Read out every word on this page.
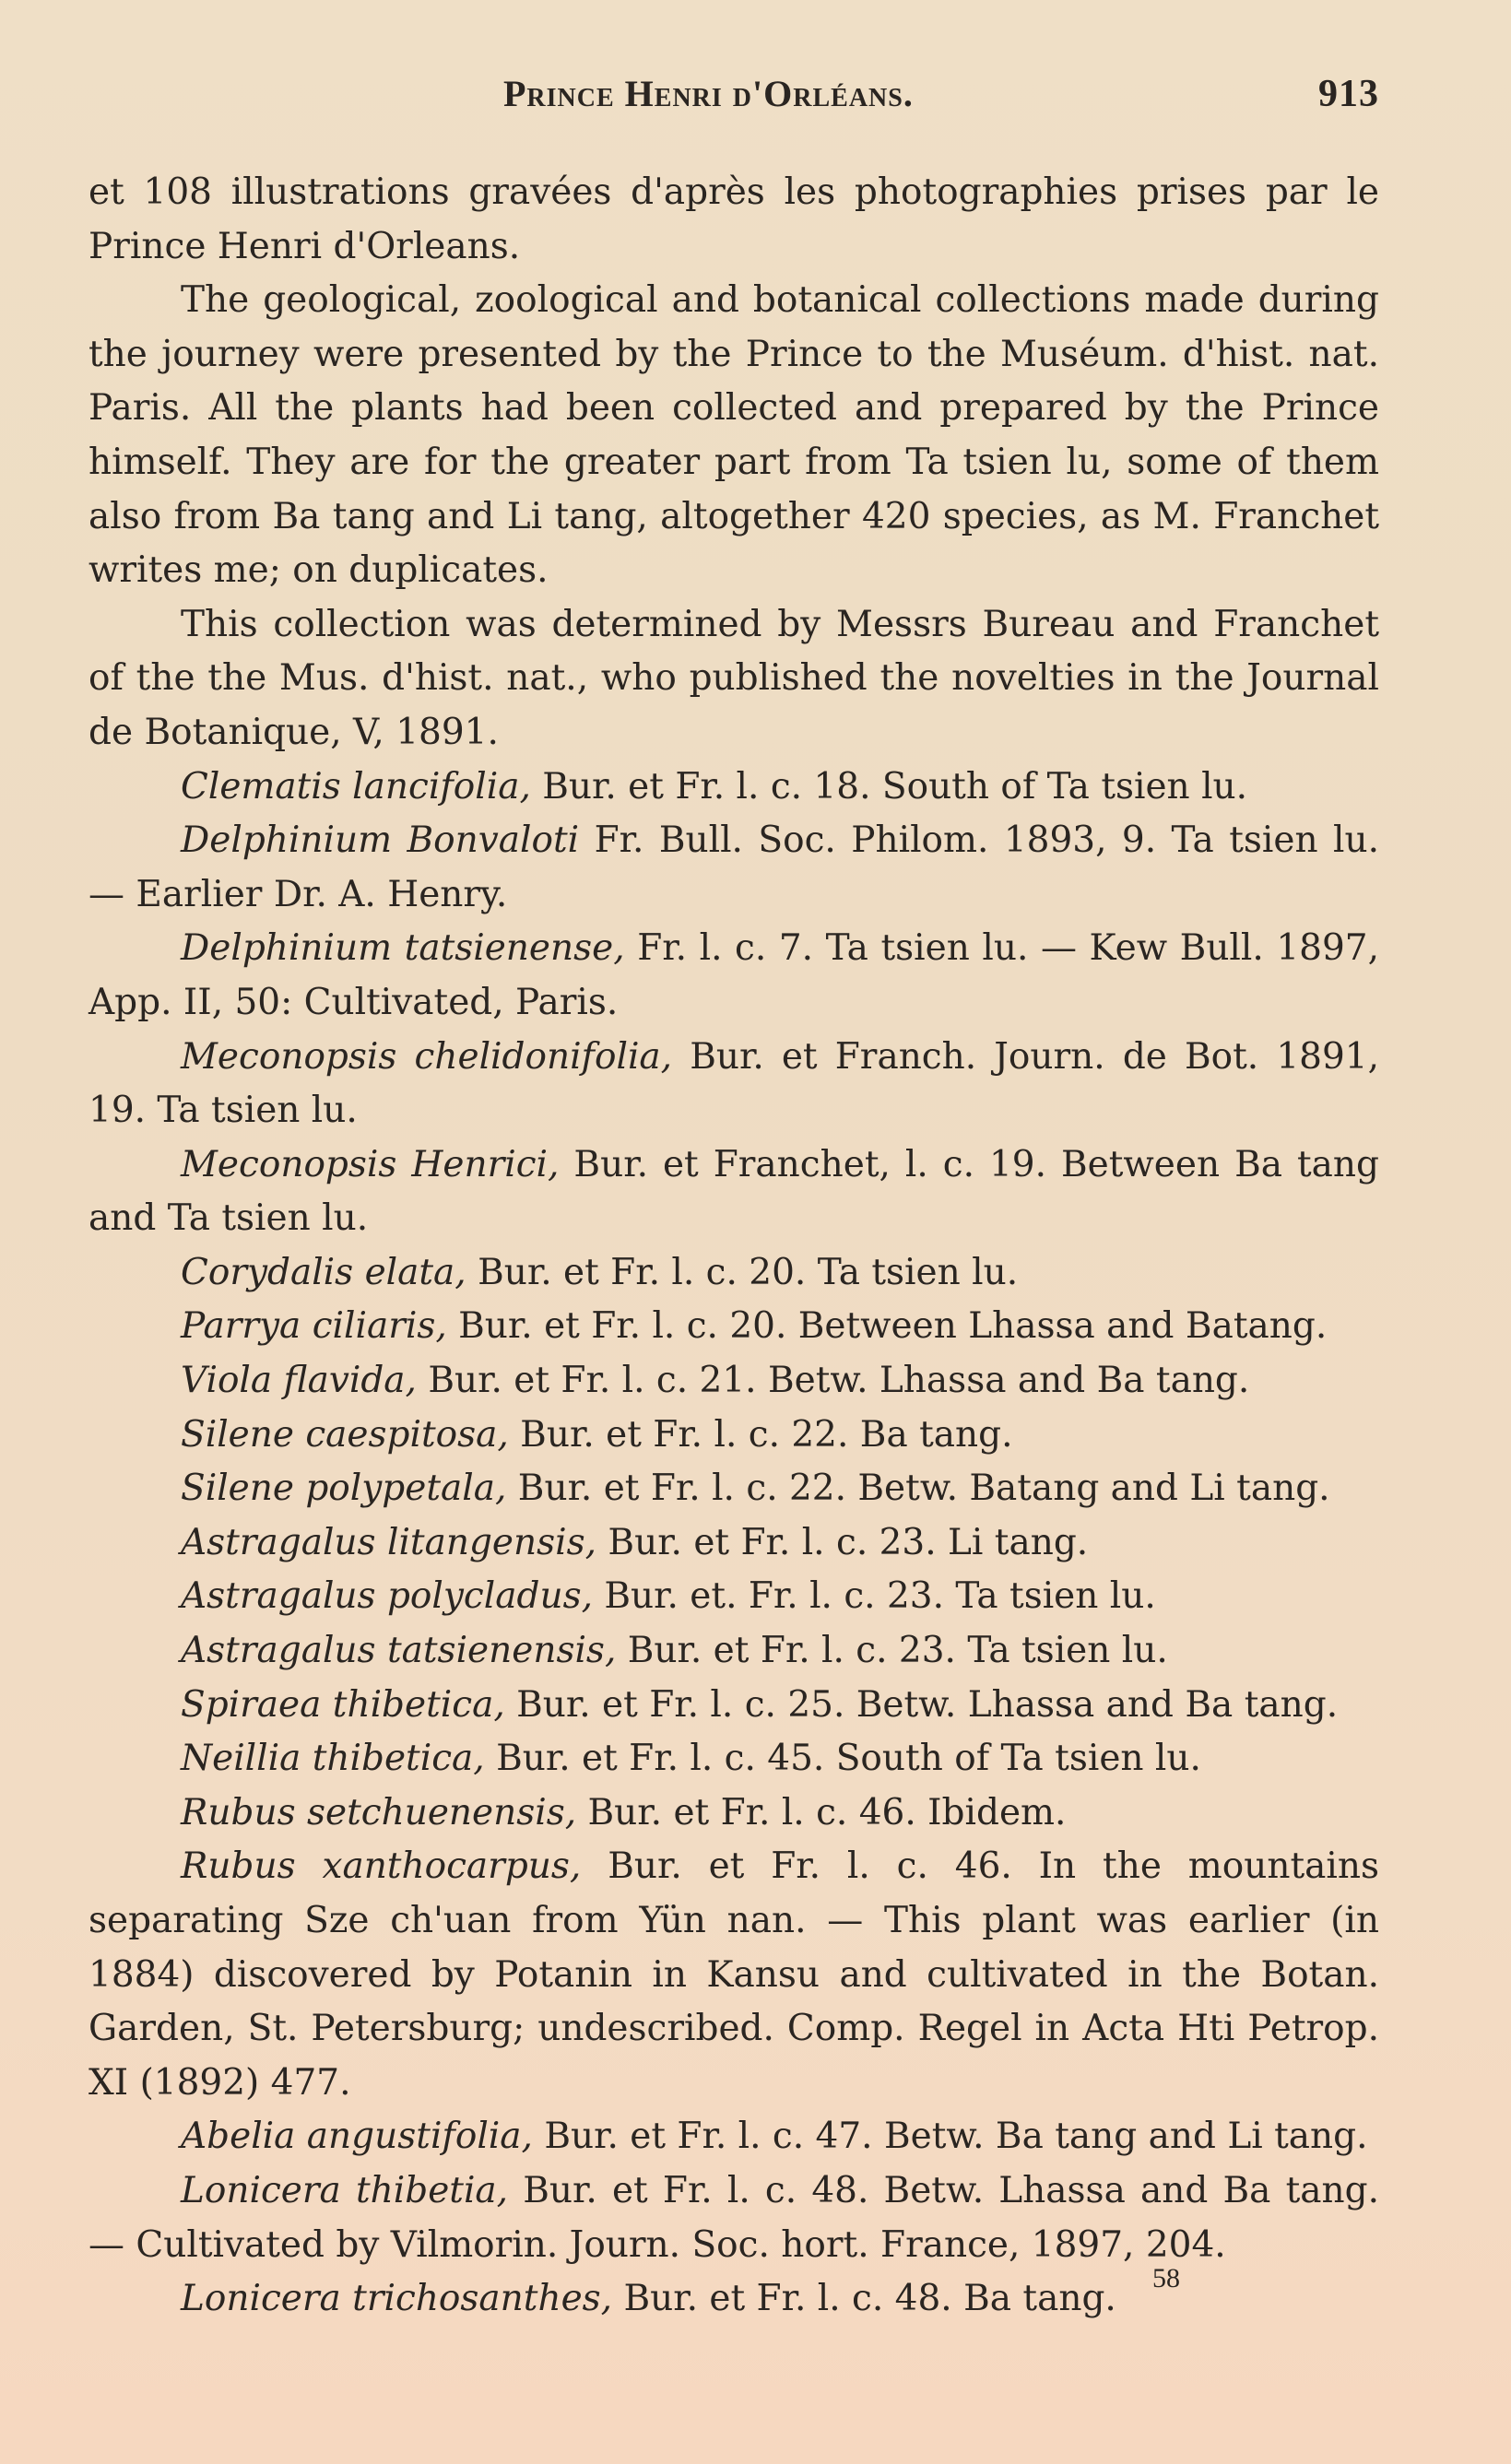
Prince Henri d'Orléans.	913

et 108 illustrations gravées d'après les photographies prises par le Prince Henri d'Orleans.

The geological, zoological and botanical collections made during the journey were presented by the Prince to the Muséum. d'hist. nat. Paris. All the plants had been collected and prepared by the Prince himself. They are for the greater part from Ta tsien lu, some of them also from Ba tang and Li tang, altogether 420 species, as M. Franchet writes me; on duplicates.

This collection was determined by Messrs Bureau and Franchet of the the Mus. d'hist. nat., who published the novelties in the Journal de Botanique, V, 1891.

Clematis lancifolia, Bur. et Fr. l. c. 18. South of Ta tsien lu.

Delphinium Bonvaloti Fr. Bull. Soc. Philom. 1893, 9. Ta tsien lu. — Earlier Dr. A. Henry.

Delphinium tatsienense, Fr. l. c. 7. Ta tsien lu. — Kew Bull. 1897, App. II, 50: Cultivated, Paris.

Meconopsis chelidonifolia, Bur. et Franch. Journ. de Bot. 1891, 19. Ta tsien lu.

Meconopsis Henrici, Bur. et Franchet, l. c. 19. Between Ba tang and Ta tsien lu.

Corydalis elata, Bur. et Fr. l. c. 20. Ta tsien lu.

Parrya ciliaris, Bur. et Fr. l. c. 20. Between Lhassa and Batang.

Viola flavida, Bur. et Fr. l. c. 21. Betw. Lhassa and Ba tang.

Silene caespitosa, Bur. et Fr. l. c. 22. Ba tang.

Silene polypetala, Bur. et Fr. l. c. 22. Betw. Batang and Li tang.

Astragalus litangensis, Bur. et Fr. l. c. 23. Li tang.

Astragalus polycladus, Bur. et. Fr. l. c. 23. Ta tsien lu.

Astragalus tatsienensis, Bur. et Fr. l. c. 23. Ta tsien lu.

Spiraea thibetica, Bur. et Fr. l. c. 25. Betw. Lhassa and Ba tang.

Neillia thibetica, Bur. et Fr. l. c. 45. South of Ta tsien lu.

Rubus setchuenensis, Bur. et Fr. l. c. 46. Ibidem.

Rubus xanthocarpus, Bur. et Fr. l. c. 46. In the mountains separating Sze ch'uan from Yün nan. — This plant was earlier (in 1884) discovered by Potanin in Kansu and cultivated in the Botan. Garden, St. Petersburg; undescribed. Comp. Regel in Acta Hti Petrop. XI (1892) 477.

Abelia angustifolia, Bur. et Fr. l. c. 47. Betw. Ba tang and Li tang.

Lonicera thibetia, Bur. et Fr. l. c. 48. Betw. Lhassa and Ba tang. — Cultivated by Vilmorin. Journ. Soc. hort. France, 1897, 204.

Lonicera trichosanthes, Bur. et Fr. l. c. 48. Ba tang.	58
